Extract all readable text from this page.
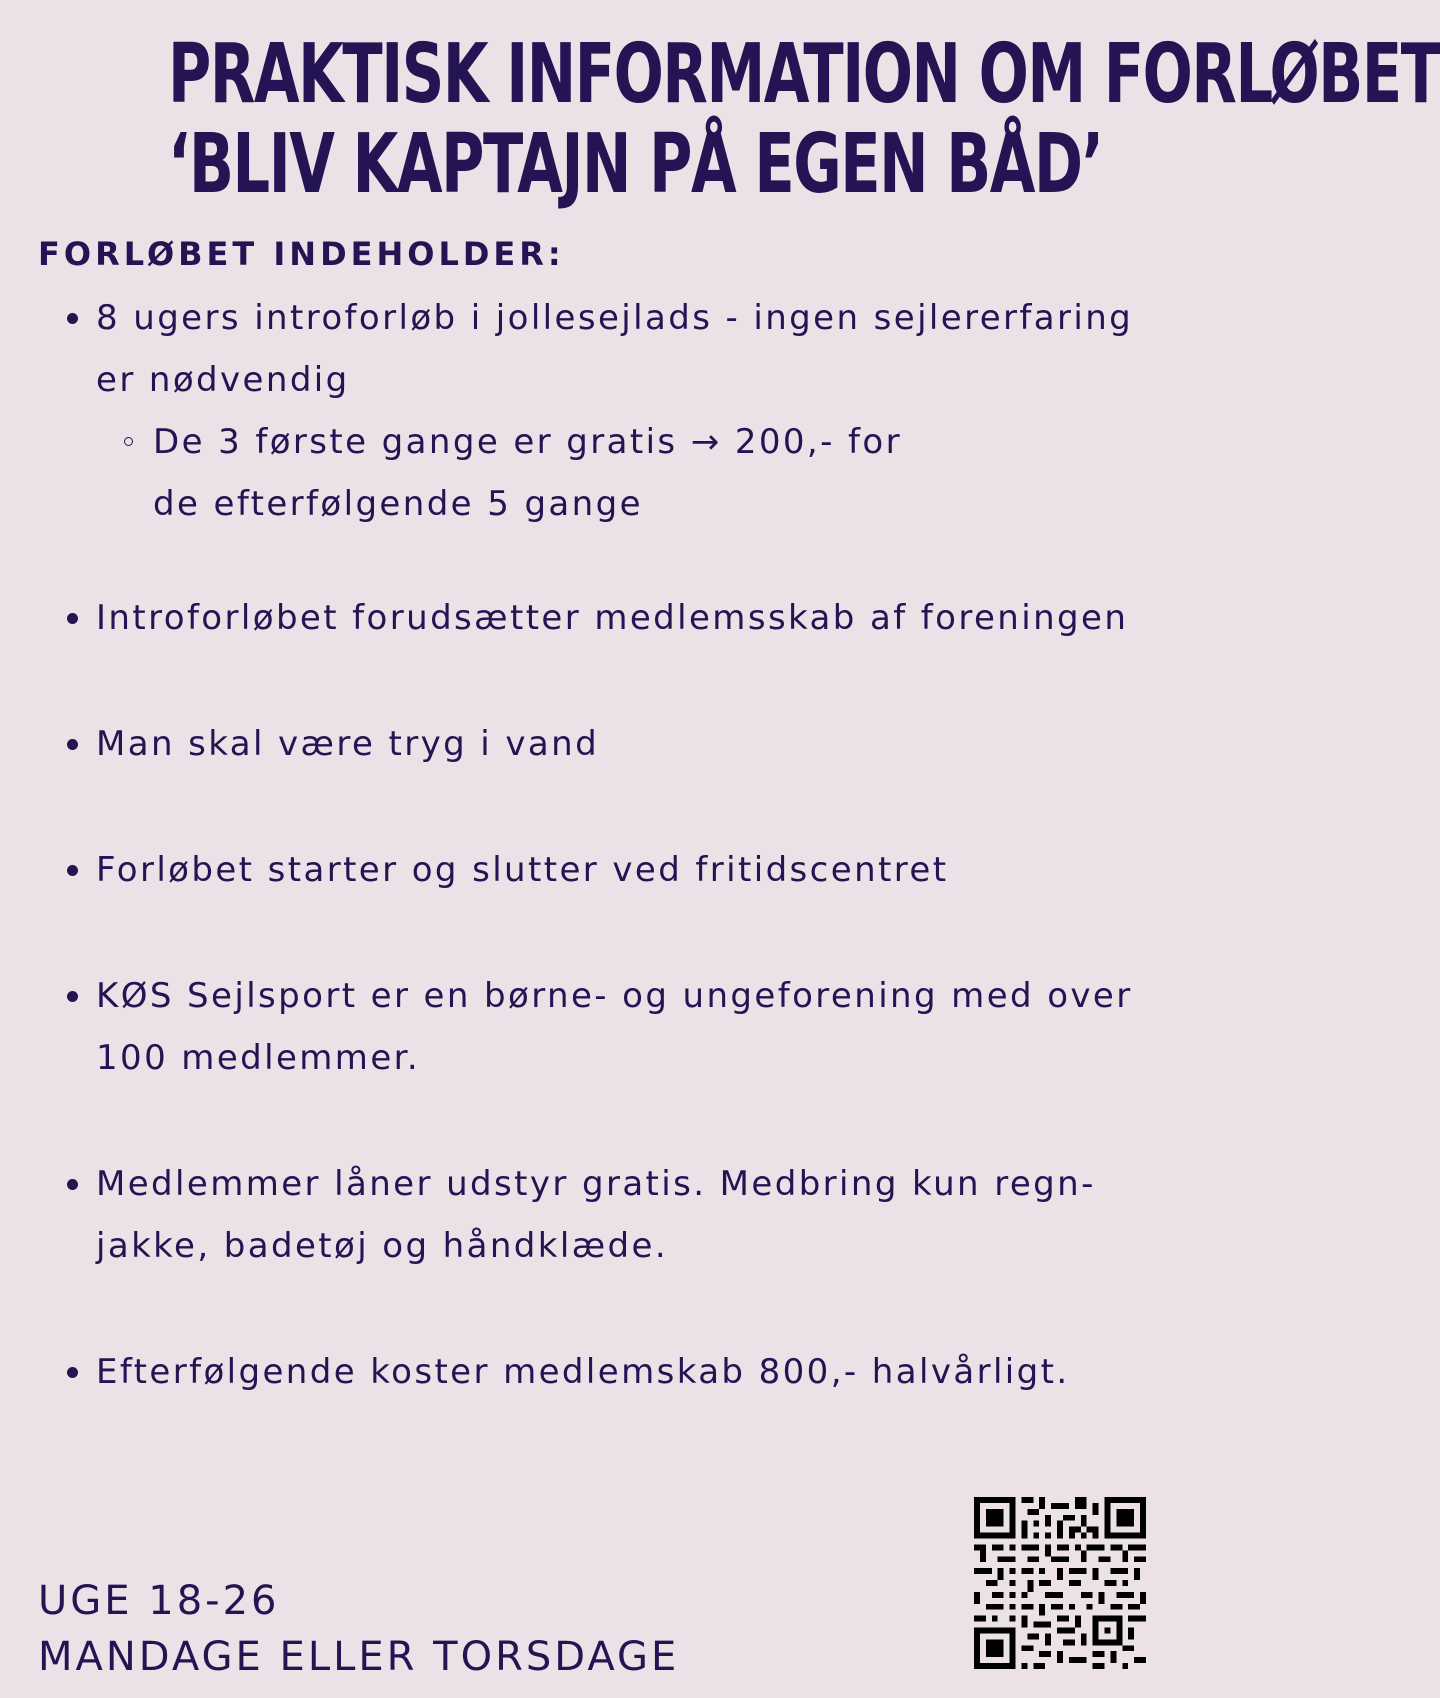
PRAKTISK INFORMATION OM FORLØBET
‘BLIV KAPTAJN PÅ EGEN BÅD’
FORLØBET INDEHOLDER:
8 ugers introforløb i jollesejlads - ingen sejlererfaring er nødvendig
De 3 første gange er gratis → 200,- for de efterfølgende 5 gange
Introforløbet forudsætter medlemsskab af foreningen
Man skal være tryg i vand
Forløbet starter og slutter ved fritidscentret
KØS Sejlsport er en børne- og ungeforening med over 100 medlemmer.
Medlemmer låner udstyr gratis. Medbring kun regn- jakke, badetøj og håndklæde.
Efterfølgende koster medlemskab 800,- halvårligt.
UGE 18-26
MANDAGE ELLER TORSDAGE
